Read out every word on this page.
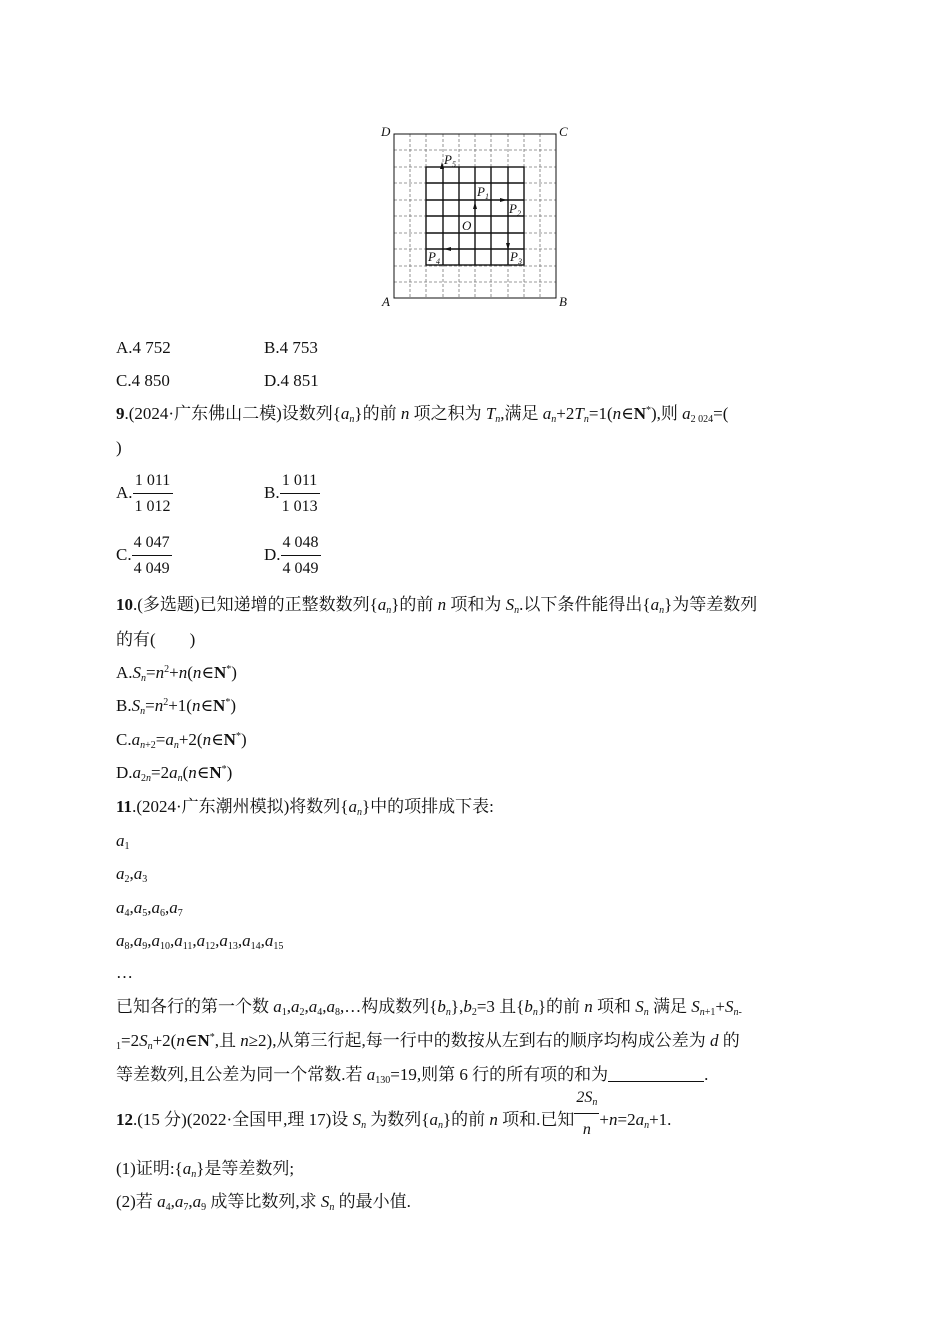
D	C
A	B
$P_5$
$P_1$
$P_2$
O
$P_4$	$P_3$
A.4 752	B.4 753
C.4 850	D.4 851
9.(2024·广东佛山二模)设数列$\{a_n\}$的前 n 项之积为 $T_n$,满足 $a_n+2T_n=1(n\in N^*)$,则 $a_{2 024}=$(
)
A. $\frac{1 011}{1 012}$	B. $\frac{1 011}{1 013}$
C. $\frac{4 047}{4 049}$	D. $\frac{4 048}{4 049}$
10.(多选题)已知递增的正整数数列$\{a_n\}$的前 n 项和为 $S_n$.以下条件能得出$\{a_n\}$为等差数列
的有(　　)
$A.S_n=n^2+n(n\in N^*)$
$B.S_n=n^2+1(n\in N^*)$
$C.a_{n+2}=a_n+2(n\in N^*)$
$D.a_{2n}=2a_n(n\in N^*)$
11.(2024·广东潮州模拟)将数列$\{a_n\}$中的项排成下表:
$a_1$
$a_2,a_3$
$a_4,a_5,a_6,a_7$
$a_8,a_9,a_{10},a_{11},a_{12},a_{13},a_{14},a_{15}$
…
已知各行的第一个数 $a_1,a_2,a_4,a_8,\dots$构成数列$\{b_n\},b_2=3$ 且$\{b_n\}$的前 n 项和 $S_n$ 满足 $S_{n+1}+S_{n-}$
$_1=2S_n+2(n\in N^*$,且 n≥2),从第三行起,每一行中的数按从左到右的顺序均构成公差为 d 的
等差数列,且公差为同一个常数.若 $a_{130}=19$,则第 6 行的所有项的和为	.
12.(15 分)(2022·全国甲,理 17)设 $S_n$ 为数列$\{a_n\}$的前 n 项和.已知 $\frac{2S_n}{n} +n=2a_n+1$.
(1)证明$:\{a_n\}$是等差数列;
(2)若 $a_4,a_7,a_9$ 成等比数列,求 $S_n$ 的最小值.
